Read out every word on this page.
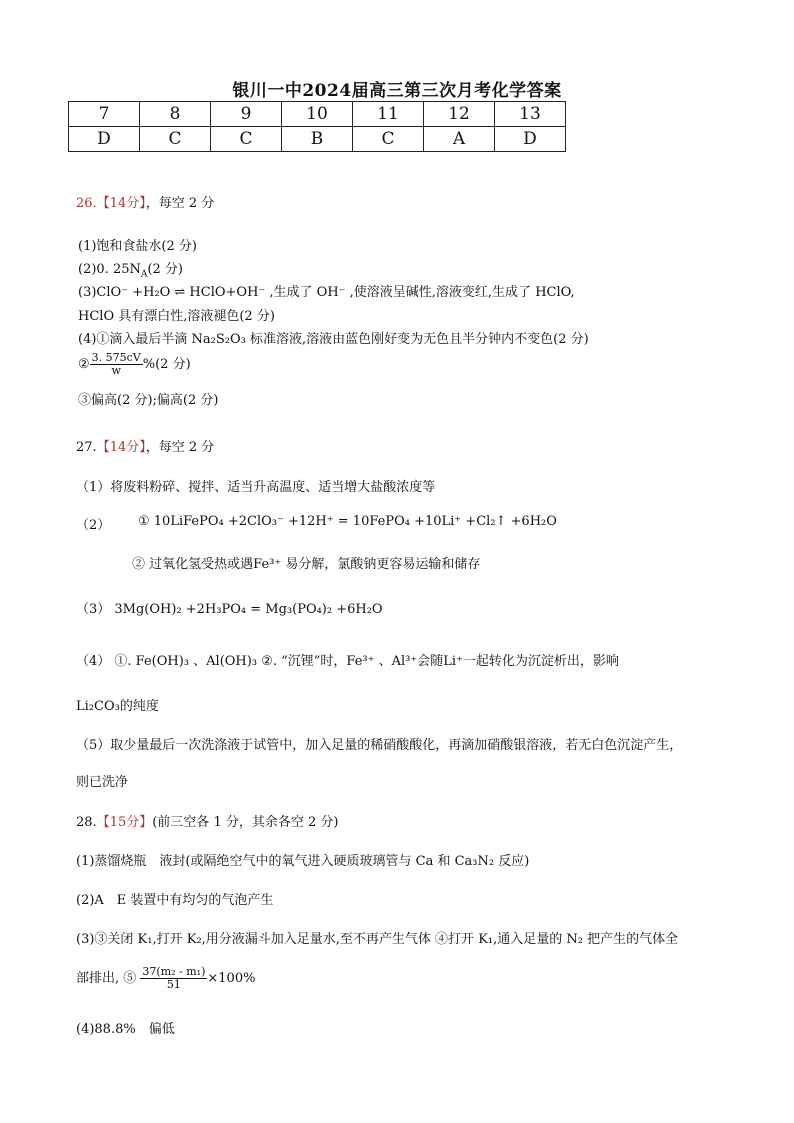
银川一中2024届高三第三次月考化学答案
7	8	9	10	11	12	13
D	C	C	B	C	A	D
26.【14分】，每空 2 分
(1)饱和食盐水(2 分)
(2)0. $25N_A(2$ 分)
(3)ClO⁻ +H₂O ⇌ HClO+OH⁻ ,生成了 OH⁻ ,使溶液呈碱性,溶液变红,生成了 HClO,
HClO 具有漂白性,溶液褪色(2 分)
(4)①滴入最后半滴 Na₂S₂O₃ 标准溶液,溶液由蓝色刚好变为无色且半分钟内不变色(2 分)
② $\frac{3. 575cV}{w} \%(2$ 分)
③偏高(2 分);偏高(2 分)
27.【14分】，每空 2 分
（1）将废料粉碎、搅拌、适当升高温度、适当增大盐酸浓度等
（2） ① 10LiFePO₄ +2ClO₃⁻ +12H⁺ = 10FePO₄ +10Li⁺ +Cl₂↑ +6H₂O
② 过氧化氢受热或遇Fe³⁺ 易分解，氯酸钠更容易运输和储存
（3） 3Mg(OH)₂ +2H₃PO₄ = Mg₃(PO₄)₂ +6H₂O
（4） ①. Fe(OH)₃ 、Al(OH)₃ ②. “沉锂”时，Fe³⁺ 、Al³⁺会随Li⁺一起转化为沉淀析出，影响
Li₂CO₃的纯度
（5）取少量最后一次洗涤液于试管中，加入足量的稀硝酸酸化，再滴加硝酸银溶液，若无白色沉淀产生，
则已洗净
28.【15分】(前三空各 1 分，其余各空 2 分)
(1)蒸馏烧瓶　液封(或隔绝空气中的氧气进入硬质玻璃管与 Ca 和 Ca₃N₂ 反应)
(2)A　E 装置中有均匀的气泡产生
(3)③关闭 K₁,打开 K₂,用分液漏斗加入足量水,至不再产生气体 ④打开 K₁,通入足量的 N₂ 把产生的气体全
部排出, ⑤ $\frac{\text{37(m₂ - m₁)}}{51} \times 100\%$
(4)88.8%　偏低
